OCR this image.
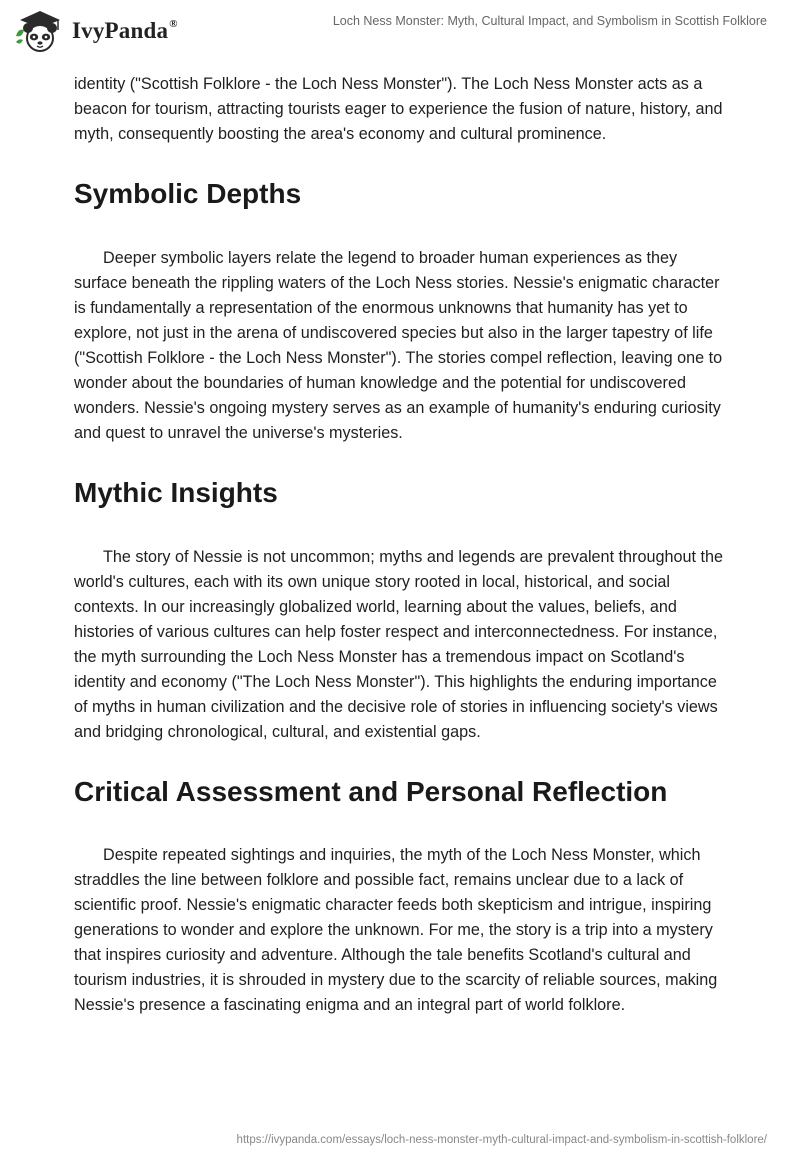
IvyPanda®	Loch Ness Monster: Myth, Cultural Impact, and Symbolism in Scottish Folklore

identity ("Scottish Folklore - the Loch Ness Monster"). The Loch Ness Monster acts as a beacon for tourism, attracting tourists eager to experience the fusion of nature, history, and myth, consequently boosting the area's economy and cultural prominence.

Symbolic Depths

Deeper symbolic layers relate the legend to broader human experiences as they surface beneath the rippling waters of the Loch Ness stories. Nessie's enigmatic character is fundamentally a representation of the enormous unknowns that humanity has yet to explore, not just in the arena of undiscovered species but also in the larger tapestry of life ("Scottish Folklore - the Loch Ness Monster"). The stories compel reflection, leaving one to wonder about the boundaries of human knowledge and the potential for undiscovered wonders. Nessie's ongoing mystery serves as an example of humanity's enduring curiosity and quest to unravel the universe's mysteries.

Mythic Insights

The story of Nessie is not uncommon; myths and legends are prevalent throughout the world's cultures, each with its own unique story rooted in local, historical, and social contexts. In our increasingly globalized world, learning about the values, beliefs, and histories of various cultures can help foster respect and interconnectedness. For instance, the myth surrounding the Loch Ness Monster has a tremendous impact on Scotland's identity and economy ("The Loch Ness Monster"). This highlights the enduring importance of myths in human civilization and the decisive role of stories in influencing society's views and bridging chronological, cultural, and existential gaps.

Critical Assessment and Personal Reflection

Despite repeated sightings and inquiries, the myth of the Loch Ness Monster, which straddles the line between folklore and possible fact, remains unclear due to a lack of scientific proof. Nessie's enigmatic character feeds both skepticism and intrigue, inspiring generations to wonder and explore the unknown. For me, the story is a trip into a mystery that inspires curiosity and adventure. Although the tale benefits Scotland's cultural and tourism industries, it is shrouded in mystery due to the scarcity of reliable sources, making Nessie's presence a fascinating enigma and an integral part of world folklore.

https://ivypanda.com/essays/loch-ness-monster-myth-cultural-impact-and-symbolism-in-scottish-folklore/
